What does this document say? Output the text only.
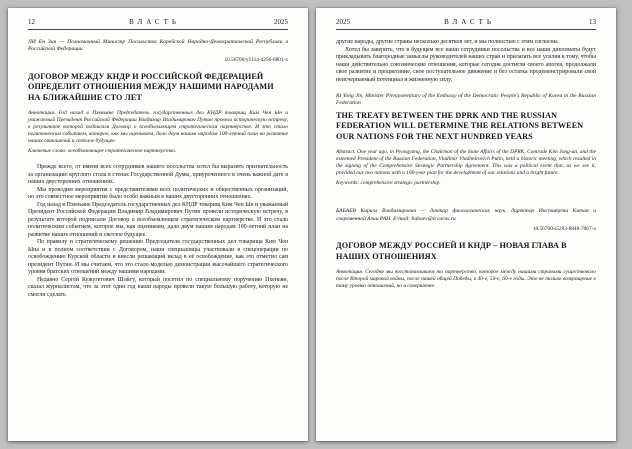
12	ВЛАСТЬ	2025
ЛИ Ен Зин — Полномочный Министр Посольства Корейской Народно-Демократической Республики в Российской Федерации
10.56700/y5114-4256-6801-x
ДОГОВОР МЕЖДУ КНДР И РОССИЙСКОЙ ФЕДЕРАЦИЕЙ ОПРЕДЕЛИТ ОТНОШЕНИЯ МЕЖДУ НАШИМИ НАРОДАМИ НА БЛИЖАЙШИЕ СТО ЛЕТ
Аннотация. Год назад в Пхеньяне Председатель государственных дел КНДР товарищ Ким Чен Ын и уважаемый Президент Российской Федерации Владимир Владимирович Путин провели историческую встречу, в результате которой подписали Договор о всеобъемлющем стратегическом партнерстве. И это стало политическим событием, которое, как мы оцениваем, дало двум нашим народам 100-летний план на развитие наших отношений и светлое будущее.
Ключевые слова: всеобъемлющее стратегическое партнерство.

Прежде всего, от имени всех сотрудников нашего посольства хотел бы выразить признательность за организацию круглого стола в стенах Государственной Думы, приуроченного к очень важной дате в наших двусторонних отношениях.

Мы проводим мероприятия с представителями всех политических и общественных организаций, но это совместное мероприятие было особо важным в наших двусторонних отношениях.

Год назад в Пхеньяне Председатель государственных дел КНДР товарищ Ким Чен Ын и уважаемый Президент Российской Федерации Владимир Владимирович Путин провели историческую встречу, в результате которой подписали Договор о всеобъемлющем стратегическом партнерстве. И это стало политическим событием, которое мы, как оцениваем, дало двум нашим народам 100-летний план на развитие наших отношений и светлое будущее.

По правилу и стратегическому решению Председателя государственных дел товарища Ким Чен Ына и в полном соответствии с Договором, наши спецназовцы участвовали в спецоперации по освобождению Курской области и внесли решающий вклад в её освобождение, как это отметил сам президент Путин. И мы считаем, что это стало моделью демонстрации высочайшего стратегического уровня братских отношений между нашими народами.

Недавно Сергей Кужугетович Шойгу, который посетил по специальному поручению Пхеньян, сказал журналистам, что за этот один год наши народы провели такую большую работу, которую не смогли сделать

2025	ВЛАСТЬ	13

другие народы, другие страны несколько десятков лет, и мы полностью с этим согласны.

Хотел бы заверить, что в будущем все наши сотрудники посольства и все наши дипломаты будут прикладывать благородные замыслы руководителей наших стран и прилагать все усилия к тому, чтобы наши действительно союзнические отношения, которые сегодня достигли своего апогея, продолжали свое развитие и процветание, свое поступательное движение и без остатка продемонстрировали свой неисчерпаемый потенциал и жизненную силу.

RI Yong Jin, Minister Plenipotentiary of the Embassy of the Democratic People's Republic of Korea in the Russian Federation
THE TREATY BETWEEN THE DPRK AND THE RUSSIAN FEDERATION WILL DETERMINE THE RELATIONS BETWEEN OUR NATIONS FOR THE NEXT HUNDRED YEARS
Abstract. One year ago, in Pyongyang, the Chairman of the State Affairs of the DPRK, Comrade Kim Jong-un, and the esteemed President of the Russian Federation, Vladimir Vladimirovich Putin, held a historic meeting, which resulted in the signing of the Comprehensive Strategic Partnership Agreement. This was a political event that, as we see it, provided our two nations with a 100-year plan for the development of our relations and a bright future.
Keywords: comprehensive strategic partnership.
БАБАЕВ Кирилл Владимирович — доктор филологических наук, директор Института Китая и современной Азии РАН. E-mail: babaev@iccaras.ru
10.56700/s5293-8848-7067-x
ДОГОВОР МЕЖДУ РОССИЕЙ И КНДР – НОВАЯ ГЛАВА В НАШИХ ОТНОШЕНИЯХ
Аннотация. Сегодня мы восстанавливаем то партнерство, которое между нашими странами существовало после Второй мировой войны, после нашей общей Победы, в 40-е, 50-е, 60-е годы. Это не только возвращение к тому уровню отношений, но и совершенно
